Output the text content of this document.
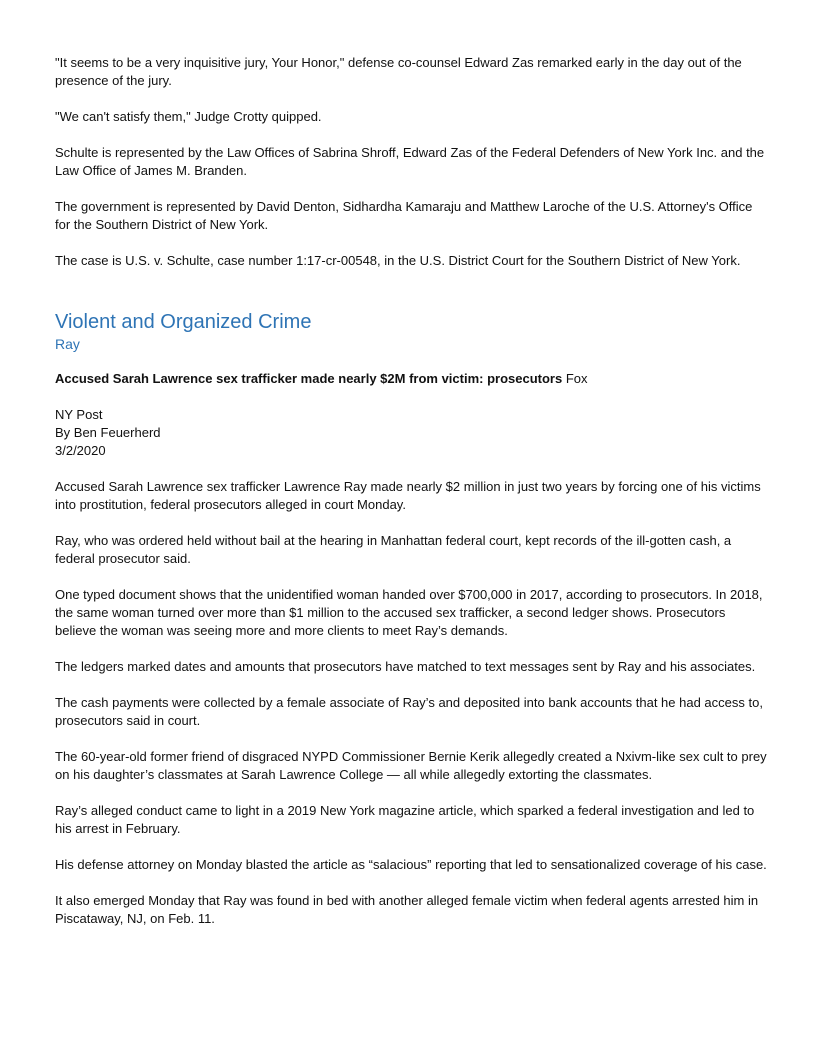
"It seems to be a very inquisitive jury, Your Honor," defense co-counsel Edward Zas remarked early in the day out of the presence of the jury.

"We can't satisfy them," Judge Crotty quipped.

Schulte is represented by the Law Offices of Sabrina Shroff, Edward Zas of the Federal Defenders of New York Inc. and the Law Office of James M. Branden.

The government is represented by David Denton, Sidhardha Kamaraju and Matthew Laroche of the U.S. Attorney's Office for the Southern District of New York.

The case is U.S. v. Schulte, case number 1:17-cr-00548, in the U.S. District Court for the Southern District of New York.

Violent and Organized Crime
Ray

Accused Sarah Lawrence sex trafficker made nearly $2M from victim: prosecutors Fox

NY Post
By Ben Feuerherd
3/2/2020

Accused Sarah Lawrence sex trafficker Lawrence Ray made nearly $2 million in just two years by forcing one of his victims into prostitution, federal prosecutors alleged in court Monday.

Ray, who was ordered held without bail at the hearing in Manhattan federal court, kept records of the ill-gotten cash, a federal prosecutor said.

One typed document shows that the unidentified woman handed over $700,000 in 2017, according to prosecutors. In 2018, the same woman turned over more than $1 million to the accused sex trafficker, a second ledger shows. Prosecutors believe the woman was seeing more and more clients to meet Ray’s demands.

The ledgers marked dates and amounts that prosecutors have matched to text messages sent by Ray and his associates.

The cash payments were collected by a female associate of Ray’s and deposited into bank accounts that he had access to, prosecutors said in court.

The 60-year-old former friend of disgraced NYPD Commissioner Bernie Kerik allegedly created a Nxivm-like sex cult to prey on his daughter’s classmates at Sarah Lawrence College — all while allegedly extorting the classmates.

Ray’s alleged conduct came to light in a 2019 New York magazine article, which sparked a federal investigation and led to his arrest in February.

His defense attorney on Monday blasted the article as “salacious” reporting that led to sensationalized coverage of his case.

It also emerged Monday that Ray was found in bed with another alleged female victim when federal agents arrested him in Piscataway, NJ, on Feb. 11.
